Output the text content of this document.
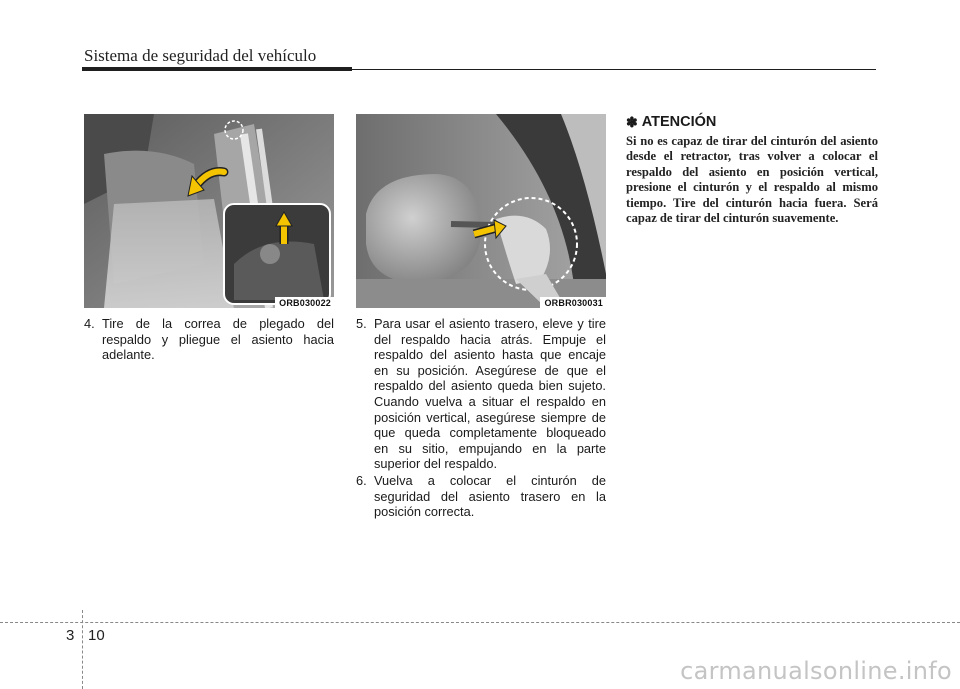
Sistema de seguridad del vehículo
ORB030022	ORBR030031
4. Tire de la correa de plegado del respaldo y pliegue el asiento hacia adelante.
5. Para usar el asiento trasero, eleve y tire del respaldo hacia atrás. Empuje el respaldo del asiento hasta que encaje en su posición. Asegúrese de que el respaldo del asiento queda bien sujeto. Cuando vuelva a situar el respaldo en posición vertical, asegúrese siempre de que queda completamente bloqueado en su sitio, empujando en la parte superior del respaldo.
6. Vuelva a colocar el cinturón de seguridad del asiento trasero en la posición correcta.
✽ ATENCIÓN

Si no es capaz de tirar del cinturón del asiento desde el retractor, tras volver a colocar el respaldo del asiento en posición vertical, presione el cinturón y el respaldo al mismo tiempo. Tire del cinturón hacia fuera. Será capaz de tirar del cinturón suavemente.

3 10
carmanualsonline.info
